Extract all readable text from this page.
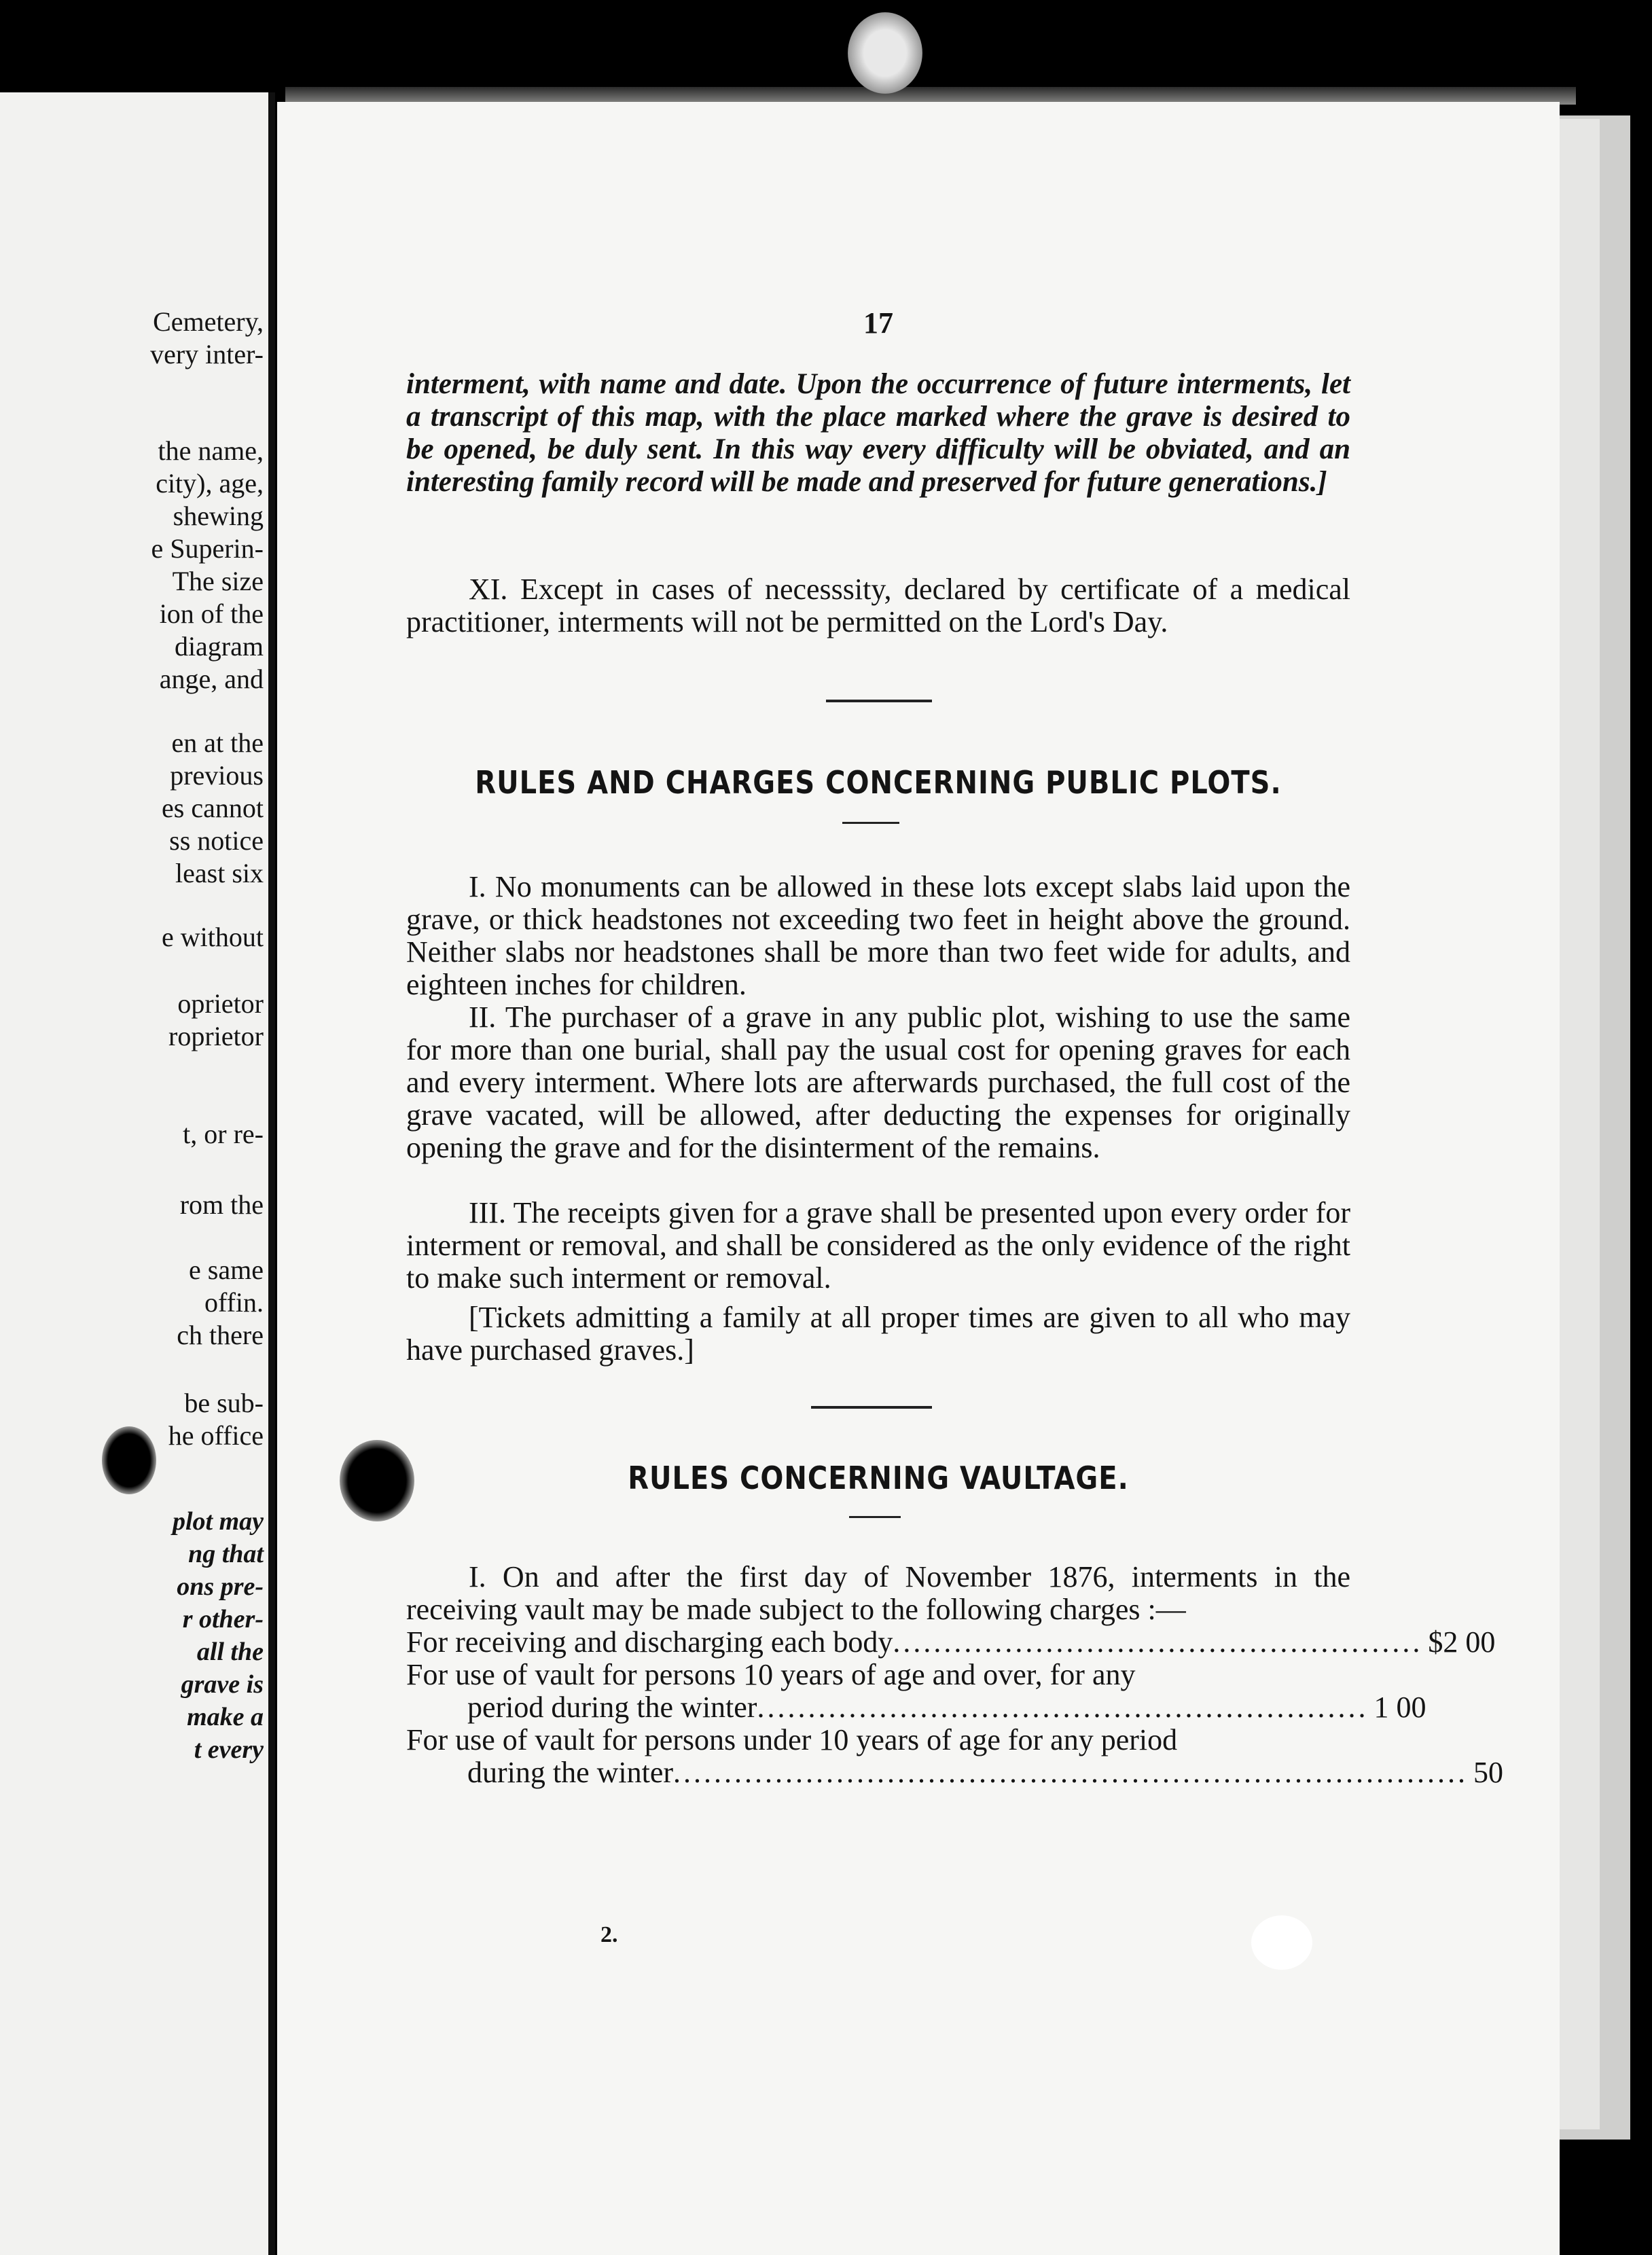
Cemetery,
very inter-
the name,
city), age,
shewing
e Superin-
The size
ion of the
diagram
ange, and
en at the
previous
es cannot
ss notice
least six
e without
oprietor
roprietor
t, or re-
rom the
e same
offin.
ch there
be sub-
he office
plot may
ng that
ons pre-
r other-
all the
grave is
make a
t every
17

interment, with name and date. Upon the occurrence of future interments, let a transcript of this map, with the place marked where the grave is desired to be opened, be duly sent. In this way every difficulty will be obviated, and an interesting family record will be made and preserved for future generations.]

XI. Except in cases of necesssity, declared by certificate of a medical practitioner, interments will not be permitted on the Lord's Day.

RULES AND CHARGES CONCERNING PUBLIC PLOTS.

I. No monuments can be allowed in these lots except slabs laid upon the grave, or thick headstones not exceeding two feet in height above the ground. Neither slabs nor headstones shall be more than two feet wide for adults, and eighteen inches for children.

II. The purchaser of a grave in any public plot, wishing to use the same for more than one burial, shall pay the usual cost for opening graves for each and every interment. Where lots are afterwards purchased, the full cost of the grave vacated, will be allowed, after deducting the expenses for originally opening the grave and for the disinterment of the remains.

III. The receipts given for a grave shall be presented upon every order for interment or removal, and shall be considered as the only evidence of the right to make such interment or removal.

[Tickets admitting a family at all proper times are given to all who may have purchased graves.]

RULES CONCERNING VAULTAGE.

I. On and after the first day of November 1876, interments in the receiving vault may be made subject to the following charges :—

For receiving and discharging each body .................................................... $2 00
For use of vault for persons 10 years of age and over, for any
period during the winter ............................................................ 1 00
For use of vault for persons under 10 years of age for any period
during the winter .............................................................................. 50
2.
